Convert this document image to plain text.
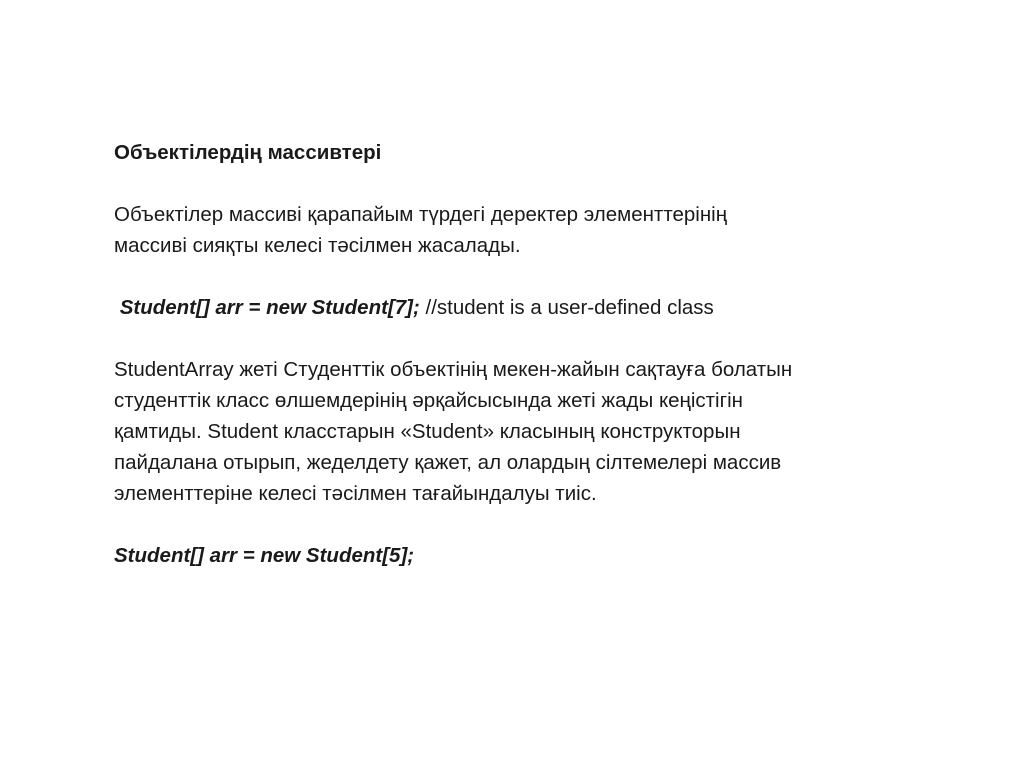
Объектілердің массивтері

Объектілер массиві қарапайым түрдегі деректер элементтерінің
массиві сияқты келесі тәсілмен жасалады.

Student[] arr = new Student[7]; //student is a user-defined class

StudentArray жеті Студенттік объектінің мекен-жайын сақтауға болатын
студенттік класс өлшемдерінің әрқайсысында жеті жады кеңістігін
қамтиды. Student класстарын «Student» класының конструкторын
пайдалана отырып, жеделдету қажет, ал олардың сілтемелері массив
элементтеріне келесі тәсілмен тағайындалуы тиіс.

Student[] arr = new Student[5];
